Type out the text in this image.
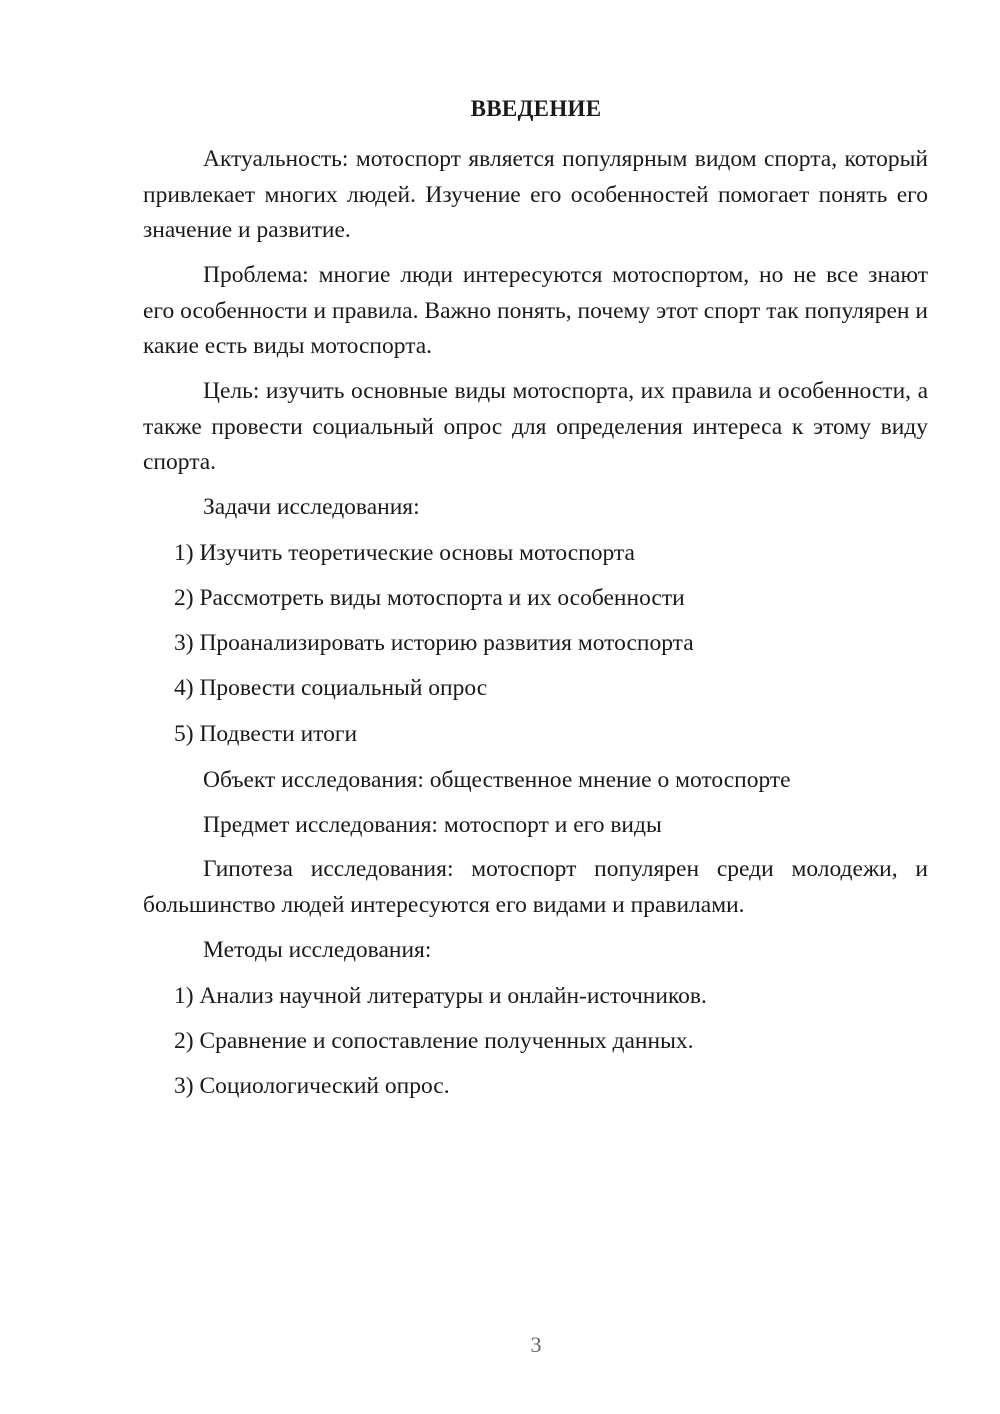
ВВЕДЕНИЕ

Актуальность: мотоспорт является популярным видом спорта, который привлекает многих людей. Изучение его особенностей помогает понять его значение и развитие.

Проблема: многие люди интересуются мотоспортом, но не все знают его особенности и правила. Важно понять, почему этот спорт так популярен и какие есть виды мотоспорта.

Цель: изучить основные виды мотоспорта, их правила и особенности, а также провести социальный опрос для определения интереса к этому виду спорта.

Задачи исследования:

1) Изучить теоретические основы мотоспорта

2) Рассмотреть виды мотоспорта и их особенности

3) Проанализировать историю развития мотоспорта

4) Провести социальный опрос

5) Подвести итоги

Объект исследования: общественное мнение о мотоспорте

Предмет исследования: мотоспорт и его виды

Гипотеза исследования: мотоспорт популярен среди молодежи, и большинство людей интересуются его видами и правилами.

Методы исследования:

1) Анализ научной литературы и онлайн-источников.

2) Сравнение и сопоставление полученных данных.

3) Социологический опрос.

3
